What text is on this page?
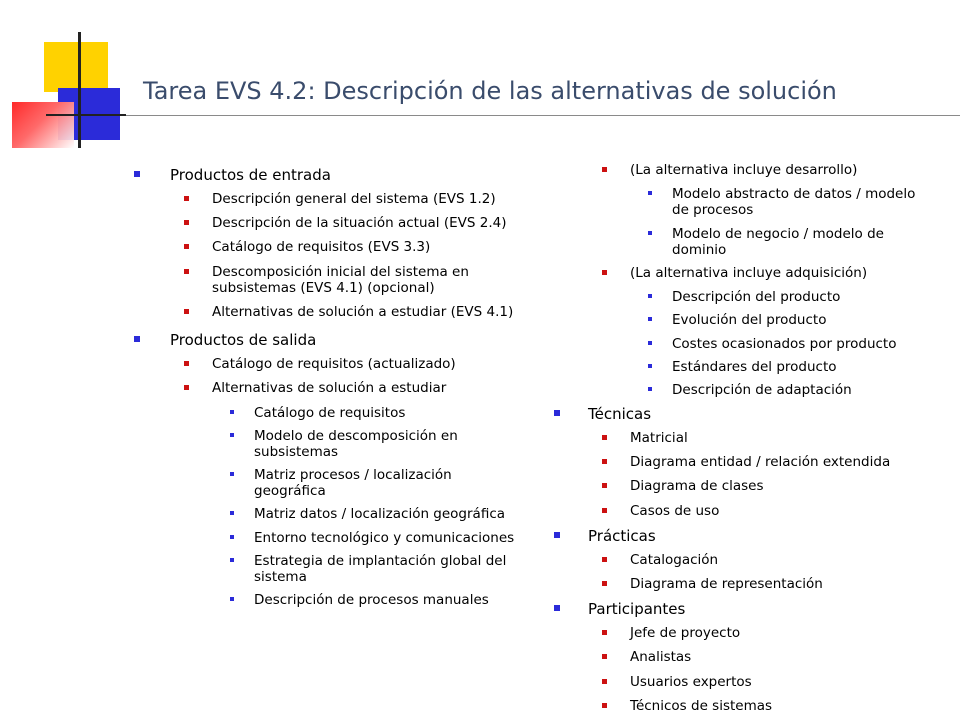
Tarea EVS 4.2: Descripción de las alternativas de solución
Productos de entrada
Descripción general del sistema (EVS 1.2)
Descripción de la situación actual (EVS 2.4)
Catálogo de requisitos (EVS 3.3)
Descomposición inicial del sistema en subsistemas (EVS 4.1) (opcional)
Alternativas de solución a estudiar (EVS 4.1)
Productos de salida
Catálogo de requisitos (actualizado)
Alternativas de solución a estudiar
Catálogo de requisitos
Modelo de descomposición en subsistemas
Matriz procesos / localización geográfica
Matriz datos / localización geográfica
Entorno tecnológico y comunicaciones
Estrategia de implantación global del sistema
Descripción de procesos manuales
(La alternativa incluye desarrollo)
Modelo abstracto de datos / modelo de procesos
Modelo de negocio / modelo de dominio
(La alternativa incluye adquisición)
Descripción del producto
Evolución del producto
Costes ocasionados por producto
Estándares del producto
Descripción de adaptación
Técnicas
Matricial
Diagrama entidad / relación extendida
Diagrama de clases
Casos de uso
Prácticas
Catalogación
Diagrama de representación
Participantes
Jefe de proyecto
Analistas
Usuarios expertos
Técnicos de sistemas
